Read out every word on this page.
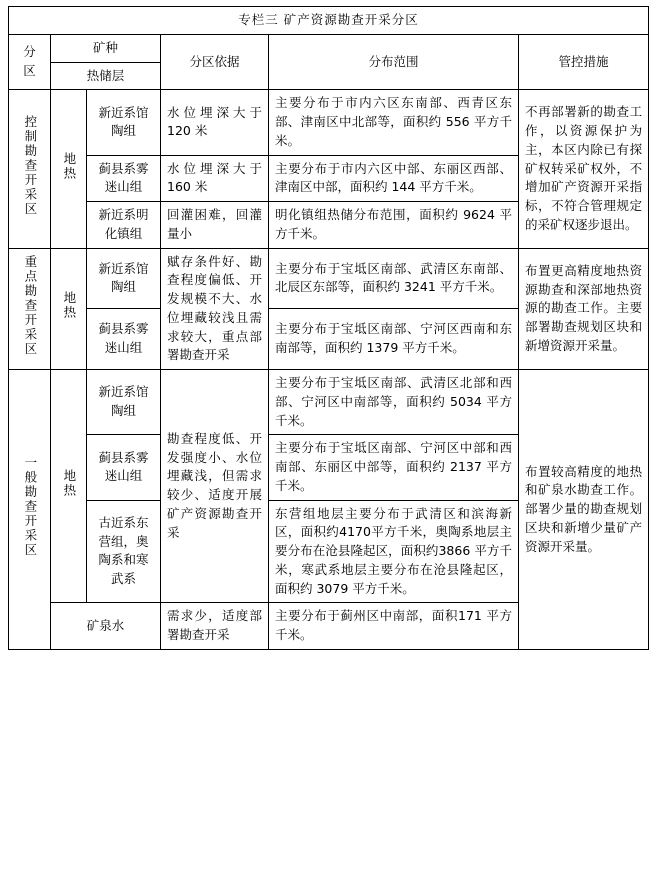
专栏三 矿产资源勘查开采分区					

分
区	矿种		分区依据	分布范围	管控措施
	热储层				
控制勘查开采区	地热	新近系馆陶组	水位埋深大于 120 米	主要分布于市内六区东南部、西青区东部、津南区中北部等，面积约 556 平方千米。	不再部署新的勘查工作，以资源保护为主，本区内除已有探矿权转采矿权外，不增加矿产资源开采指标，不符合管理规定的采矿权逐步退出。
		蓟县系雾迷山组	水位埋深大于 160 米	主要分布于市内六区中部、东丽区西部、津南区中部，面积约 144 平方千米。	
		新近系明化镇组	回灌困难，回灌量小	明化镇组热储分布范围，面积约 9624 平方千米。	
重点勘查开采区	地热	新近系馆陶组	赋存条件好、勘查程度偏低、开发规模不大、水位埋藏较浅且需求较大，重点部署勘查开采	主要分布于宝坻区南部、武清区东南部、北辰区东部等，面积约 3241 平方千米。	布置更高精度地热资源勘查和深部地热资源的勘查工作。主要部署勘查规划区块和新增资源开采量。
		蓟县系雾迷山组		主要分布于宝坻区南部、宁河区西南和东南部等，面积约 1379 平方千米。	
一般勘查开采区	地热	新近系馆陶组	勘查程度低、开发强度小、水位埋藏浅，但需求较少、适度开展矿产资源勘查开采	主要分布于宝坻区南部、武清区北部和西部、宁河区中南部等，面积约 5034 平方千米。	布置较高精度的地热和矿泉水勘查工作。部署少量的勘查规划区块和新增少量矿产资源开采量。
		蓟县系雾迷山组		主要分布于宝坻区南部、宁河区中部和西南部、东丽区中部等，面积约 2137 平方千米。	
		古近系东营组，奥陶系和寒武系		东营组地层主要分布于武清区和滨海新区，面积约4170平方千米，奥陶系地层主要分布在沧县隆起区，面积约3866 平方千米，寒武系地层主要分布在沧县隆起区，面积约 3079 平方千米。	
	矿泉水		需求少，适度部署勘查开采	主要分布于蓟州区中南部，面积171 平方千米。	
